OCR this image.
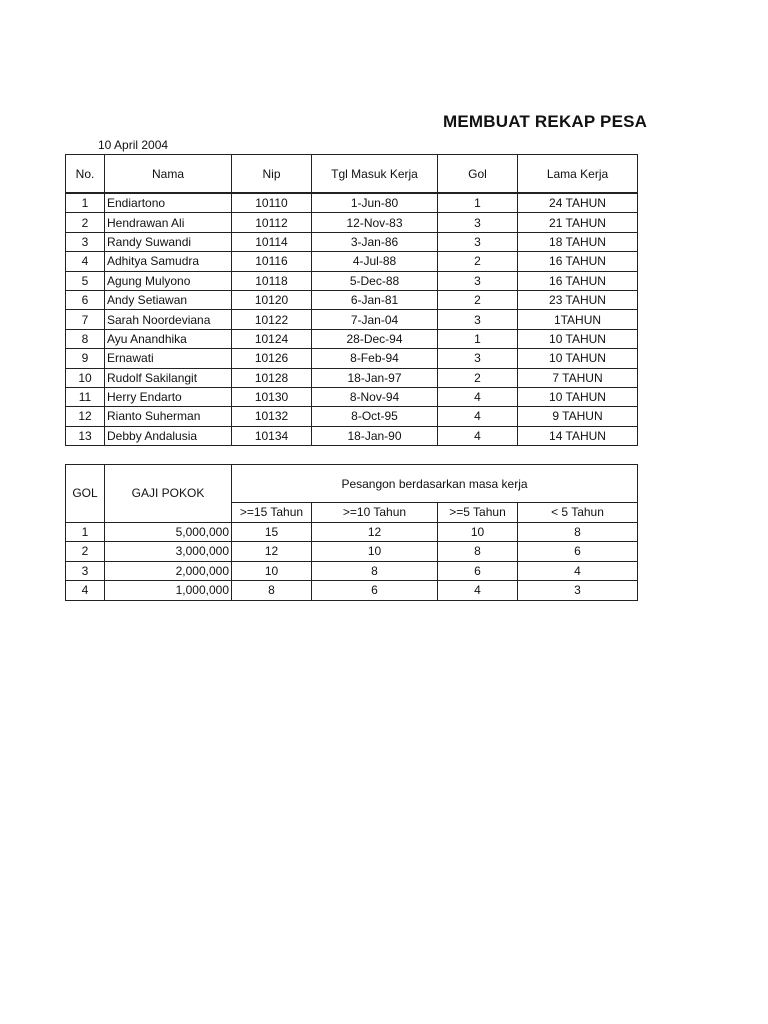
MEMBUAT REKAP PESA
10 April 2004
No.	Nama	Nip	Tgl Masuk Kerja	Gol	Lama Kerja
1	Endiartono	10110	1-Jun-80	1	24 TAHUN
2	Hendrawan Ali	10112	12-Nov-83	3	21 TAHUN
3	Randy Suwandi	10114	3-Jan-86	3	18 TAHUN
4	Adhitya Samudra	10116	4-Jul-88	2	16 TAHUN
5	Agung Mulyono	10118	5-Dec-88	3	16 TAHUN
6	Andy Setiawan	10120	6-Jan-81	2	23 TAHUN
7	Sarah Noordeviana	10122	7-Jan-04	3	1TAHUN
8	Ayu Anandhika	10124	28-Dec-94	1	10 TAHUN
9	Ernawati	10126	8-Feb-94	3	10 TAHUN
10	Rudolf Sakilangit	10128	18-Jan-97	2	7 TAHUN
11	Herry Endarto	10130	8-Nov-94	4	10 TAHUN
12	Rianto Suherman	10132	8-Oct-95	4	9 TAHUN
13	Debby Andalusia	10134	18-Jan-90	4	14 TAHUN
GOL	GAJI POKOK	Pesangon berdasarkan masa kerja			
		>=15 Tahun	>=10 Tahun	>=5 Tahun	< 5 Tahun
1	5,000,000	15	12	10	8
2	3,000,000	12	10	8	6
3	2,000,000	10	8	6	4
4	1,000,000	8	6	4	3
